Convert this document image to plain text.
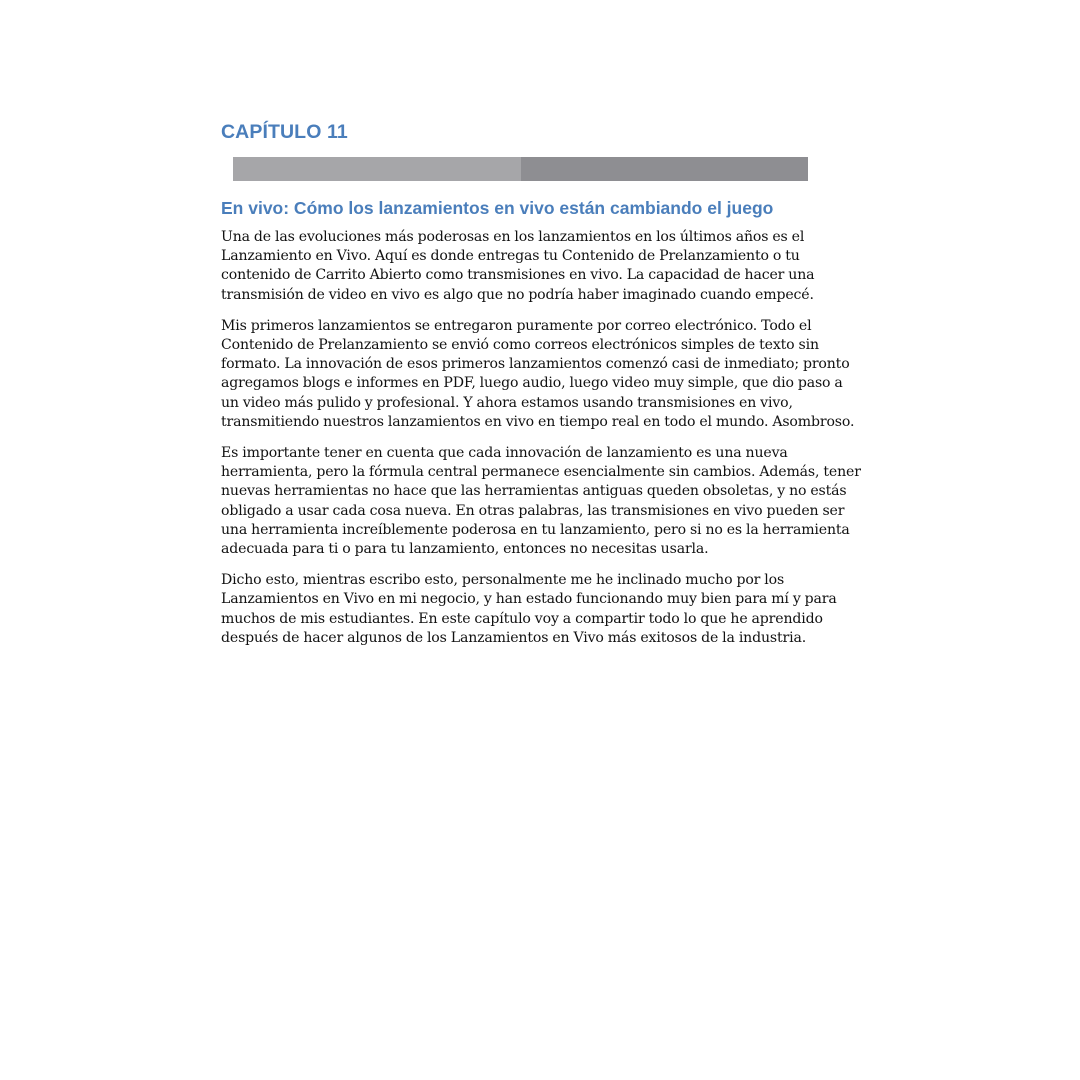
CAPÍTULO 11
En vivo: Cómo los lanzamientos en vivo están cambiando el juego

Una de las evoluciones más poderosas en los lanzamientos en los últimos años es el Lanzamiento en Vivo. Aquí es donde entregas tu Contenido de Prelanzamiento o tu contenido de Carrito Abierto como transmisiones en vivo. La capacidad de hacer una transmisión de video en vivo es algo que no podría haber imaginado cuando empecé.

Mis primeros lanzamientos se entregaron puramente por correo electrónico. Todo el Contenido de Prelanzamiento se envió como correos electrónicos simples de texto sin formato. La innovación de esos primeros lanzamientos comenzó casi de inmediato; pronto agregamos blogs e informes en PDF, luego audio, luego video muy simple, que dio paso a un video más pulido y profesional. Y ahora estamos usando transmisiones en vivo, transmitiendo nuestros lanzamientos en vivo en tiempo real en todo el mundo. Asombroso.

Es importante tener en cuenta que cada innovación de lanzamiento es una nueva herramienta, pero la fórmula central permanece esencialmente sin cambios. Además, tener nuevas herramientas no hace que las herramientas antiguas queden obsoletas, y no estás obligado a usar cada cosa nueva. En otras palabras, las transmisiones en vivo pueden ser una herramienta increíblemente poderosa en tu lanzamiento, pero si no es la herramienta adecuada para ti o para tu lanzamiento, entonces no necesitas usarla.

Dicho esto, mientras escribo esto, personalmente me he inclinado mucho por los Lanzamientos en Vivo en mi negocio, y han estado funcionando muy bien para mí y para muchos de mis estudiantes. En este capítulo voy a compartir todo lo que he aprendido después de hacer algunos de los Lanzamientos en Vivo más exitosos de la industria.
